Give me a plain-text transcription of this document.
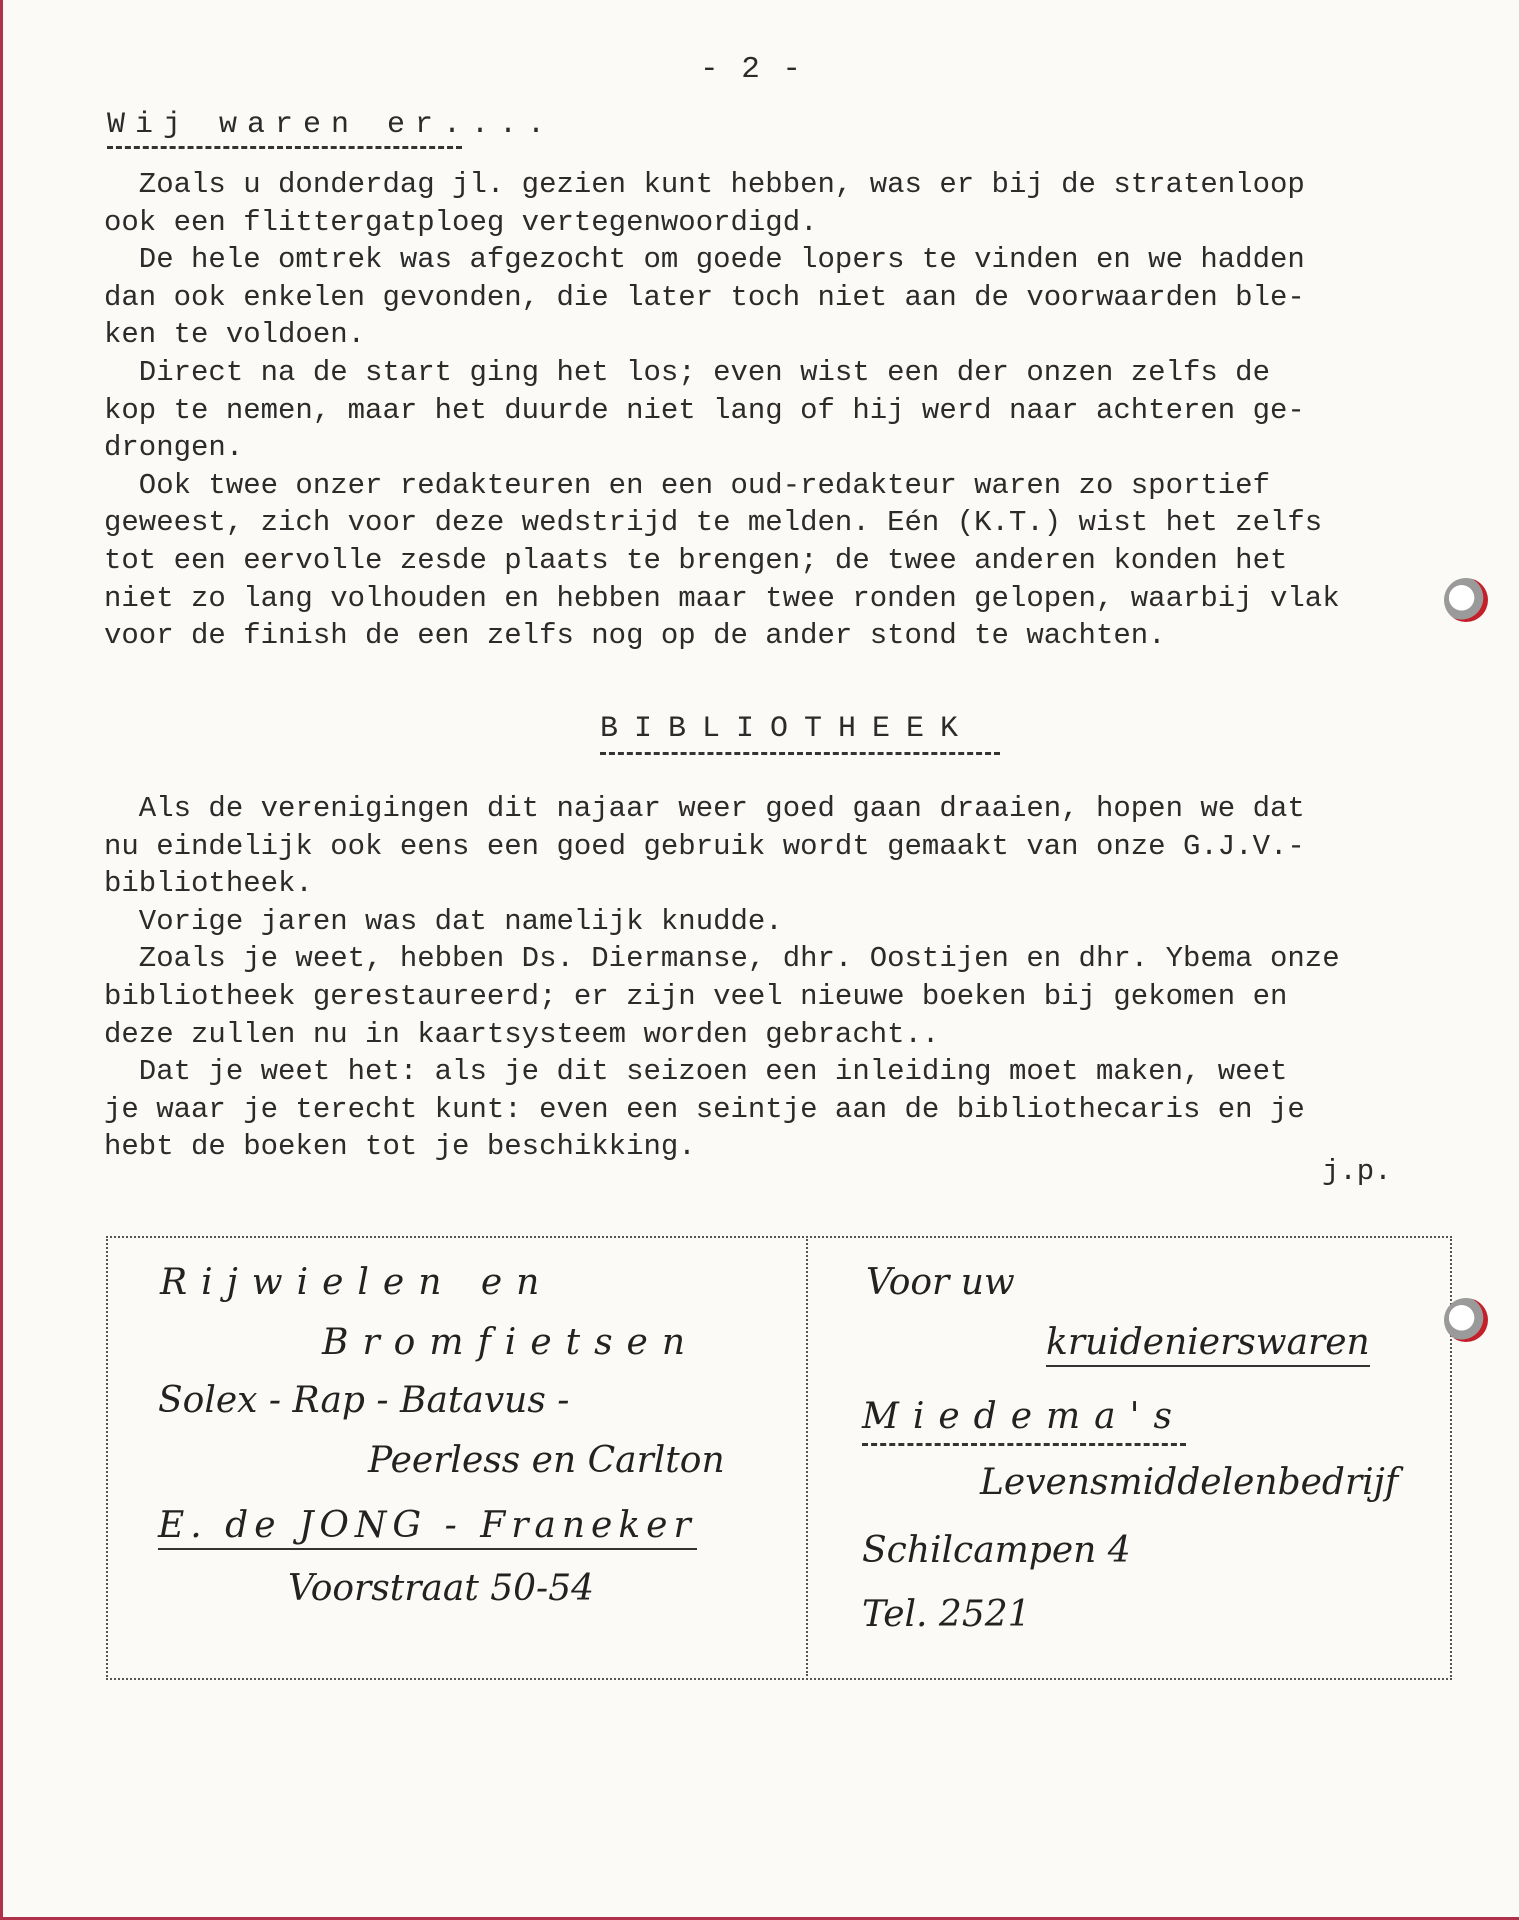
- 2 -
Wij waren er....

Zoals u donderdag jl. gezien kunt hebben, was er bij de stratenloop

ook een flittergatploeg vertegenwoordigd.

De hele omtrek was afgezocht om goede lopers te vinden en we hadden

dan ook enkelen gevonden, die later toch niet aan de voorwaarden ble-

ken te voldoen.

Direct na de start ging het los; even wist een der onzen zelfs de

kop te nemen, maar het duurde niet lang of hij werd naar achteren ge-

drongen.

Ook twee onzer redakteuren en een oud-redakteur waren zo sportief

geweest, zich voor deze wedstrijd te melden. Eén (K.T.) wist het zelfs

tot een eervolle zesde plaats te brengen; de twee anderen konden het

niet zo lang volhouden en hebben maar twee ronden gelopen, waarbij vlak

voor de finish de een zelfs nog op de ander stond te wachten.

BIBLIOTHEEK

Als de verenigingen dit najaar weer goed gaan draaien, hopen we dat

nu eindelijk ook eens een goed gebruik wordt gemaakt van onze G.J.V.-

bibliotheek.

Vorige jaren was dat namelijk knudde.

Zoals je weet, hebben Ds. Diermanse, dhr. Oostijen en dhr. Ybema onze

bibliotheek gerestaureerd; er zijn veel nieuwe boeken bij gekomen en

deze zullen nu in kaartsysteem worden gebracht..

Dat je weet het: als je dit seizoen een inleiding moet maken, weet

je waar je terecht kunt: even een seintje aan de bibliothecaris en je

hebt de boeken tot je beschikking.

j.p.
Rijwielen en
Bromfietsen
Solex - Rap - Batavus -
Peerless en Carlton
E. de JONG - Franeker
Voorstraat 50-54
Voor uw
kruidenierswaren
Miedema's
Levensmiddelenbedrijf
Schilcampen 4
Tel. 2521
